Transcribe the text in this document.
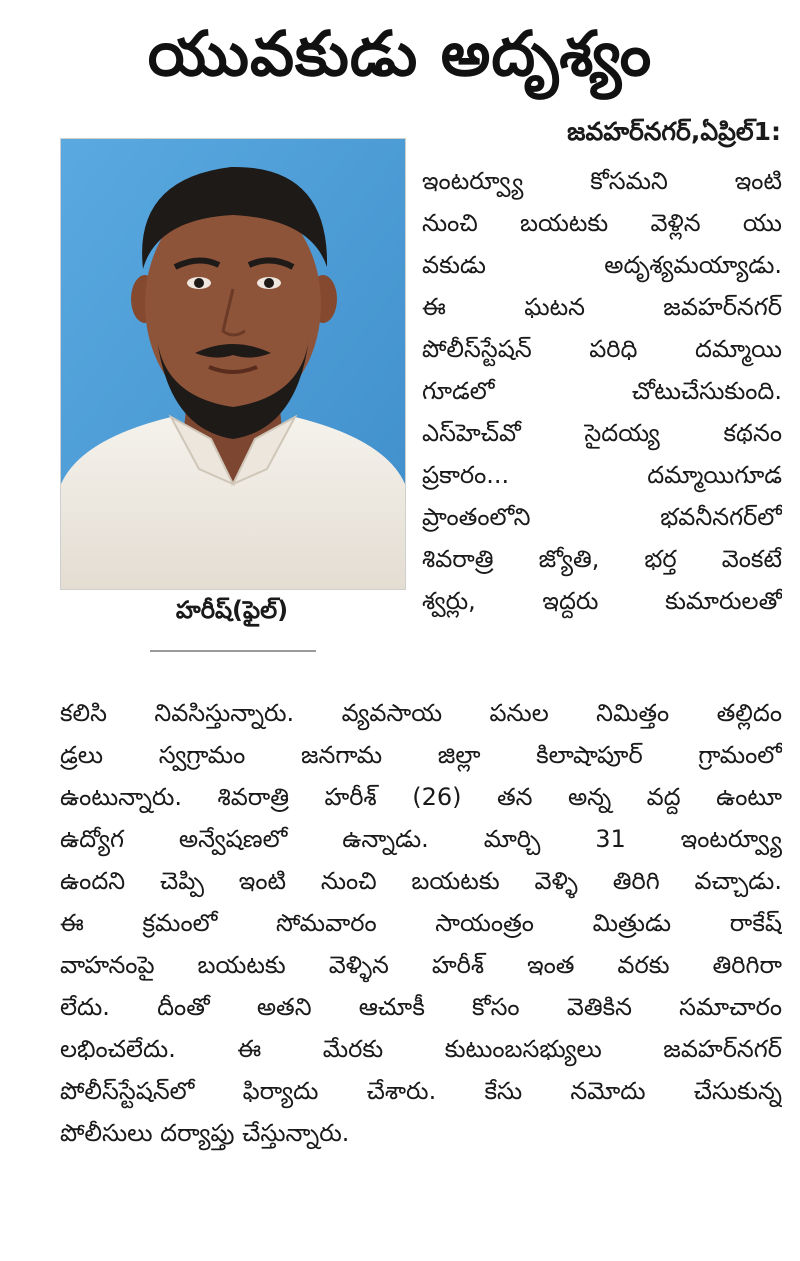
యువకుడు అదృశ్యం
జవహర్‌నగర్,ఏప్రిల్1:
హరీష్(ఫైల్)
ఇంటర్వ్యూ కోసమని ఇంటి
నుంచి బయటకు వెళ్లిన యు
వకుడు అదృశ్యమయ్యాడు.
ఈ ఘటన జవహర్‌నగర్
పోలీస్‌స్టేషన్ పరిధి దమ్మాయి
గూడలో చోటుచేసుకుంది.
ఎస్‌హెచ్‌వో సైదయ్య కథనం
ప్రకారం... దమ్మాయిగూడ
ప్రాంతంలోని భవనీనగర్‌లో
శివరాత్రి జ్యోతి, భర్త వెంకటే
శ్వర్లు, ఇద్దరు కుమారులతో
కలిసి నివసిస్తున్నారు. వ్యవసాయ పనుల నిమిత్తం తల్లిదం
డ్రలు స్వగ్రామం జనగామ జిల్లా కిలాషాపూర్ గ్రామంలో
ఉంటున్నారు. శివరాత్రి హరీశ్ (26) తన అన్న వద్ద ఉంటూ
ఉద్యోగ అన్వేషణలో ఉన్నాడు. మార్చి 31 ఇంటర్వ్యూ
ఉందని చెప్పి ఇంటి నుంచి బయటకు వెళ్ళి తిరిగి వచ్చాడు.
ఈ క్రమంలో సోమవారం సాయంత్రం మిత్రుడు రాకేష్
వాహనంపై బయటకు వెళ్ళిన హరీశ్ ఇంత వరకు తిరిగిరా
లేదు. దీంతో అతని ఆచూకీ కోసం వెతికిన సమాచారం
లభించలేదు. ఈ మేరకు కుటుంబసభ్యులు జవహర్‌నగర్
పోలీస్‌స్టేషన్‌లో ఫిర్యాదు చేశారు. కేసు నమోదు చేసుకున్న
పోలీసులు దర్యాప్తు చేస్తున్నారు.
